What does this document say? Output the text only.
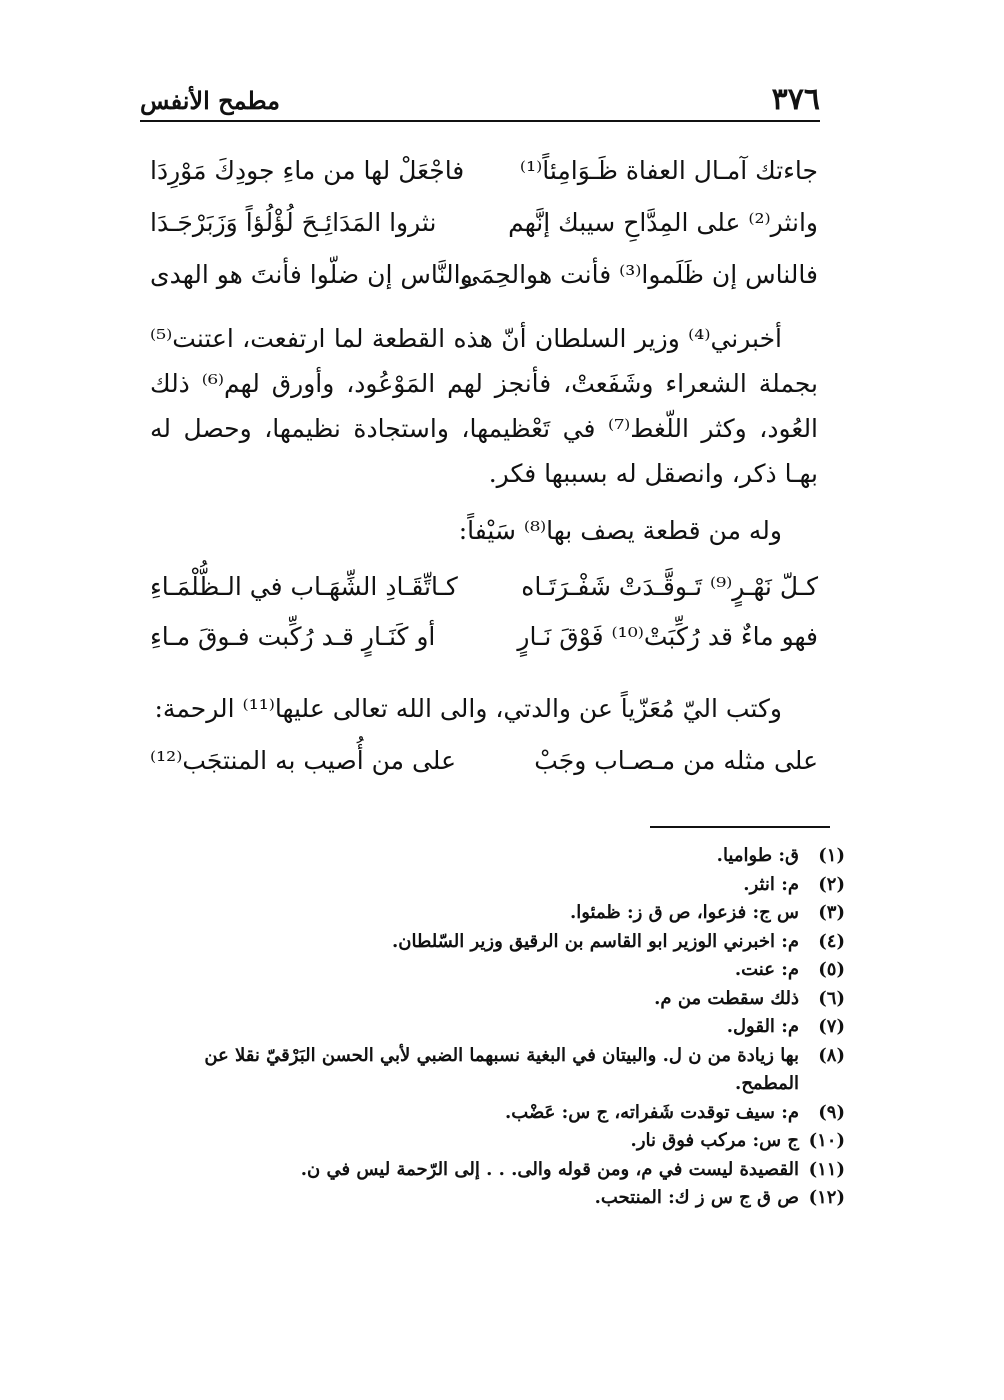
٣٧٦
مطمح الأنفس
جاءتك آمـال العفاة ظَـوَامِئاً⁽¹⁾
فاجْعَلْ لها من ماءِ جودِكَ مَوْرِدَا
وانثر⁽²⁾ على المِدَّاحِ سيبك إنَّهم
نثروا المَدَائِـحَ لُؤْلُؤاً وَزَبَرْجَـدَا
فالناس إن ظَلَموا⁽³⁾ فأنت هوالحِمَى
والنَّاس إن ضلّوا فأنتَ هو الهدى

أخبرني⁽⁴⁾ وزير السلطان أنّ هذه القطعة لما ارتفعت، اعتنت⁽⁵⁾ بجملة الشعراء وشَفَعتْ، فأنجز لهم المَوْعُود، وأورق لهم⁽⁶⁾ ذلك العُود، وكثر اللّغط⁽⁷⁾ في تَعْظيمها، واستجادة نظيمها، وحصل له بهـا ذكر، وانصقل له بسببها فكر.

وله من قطعة يصف بها⁽⁸⁾ سَيْفاً:

كـلّ نَهْـرٍ⁽⁹⁾ تَـوقَّـدَتْ شَفْـرَتَـاه
كـاتِّقَـادِ الشِّهَـاب في الـظُّلْمَـاءِ
فهو ماءٌ قد رُكِّبَتْ⁽¹⁰⁾ فَوْقَ نَـارٍ
أو كَنَـارٍ قـد رُكِّبت فـوقَ مـاءِ

وكتب اليّ مُعَزّياً عن والدتي، والى الله تعالى عليها⁽¹¹⁾ الرحمة:

على مثله من مـصـاب وجَبْ
على من أُصيب به المنتجَب⁽¹²⁾
(١)
ق: طواميا.
(٢)
م: انثر.
(٣)
س ج: فزعوا، ص ق ز: ظمئوا.
(٤)
م: اخبرني الوزير ابو القاسم بن الرقيق وزير السّلطان.
(٥)
م: عنت.
(٦)
ذلك سقطت من م.
(٧)
م: القول.
(٨)
بها زيادة من ن ل. والبيتان في البغية نسبهما الضبي لأبي الحسن البَرْقيّ نقلا عن المطمح.
(٩)
م: سيف توقدت شَفراته، ج س: عَضْب.
(١٠)
ج س: مركب فوق نار.
(١١)
القصيدة ليست في م، ومن قوله والى. . . إلى الرّحمة ليس في ن.
(١٢)
ص ق ج س ز ك: المنتحب.
